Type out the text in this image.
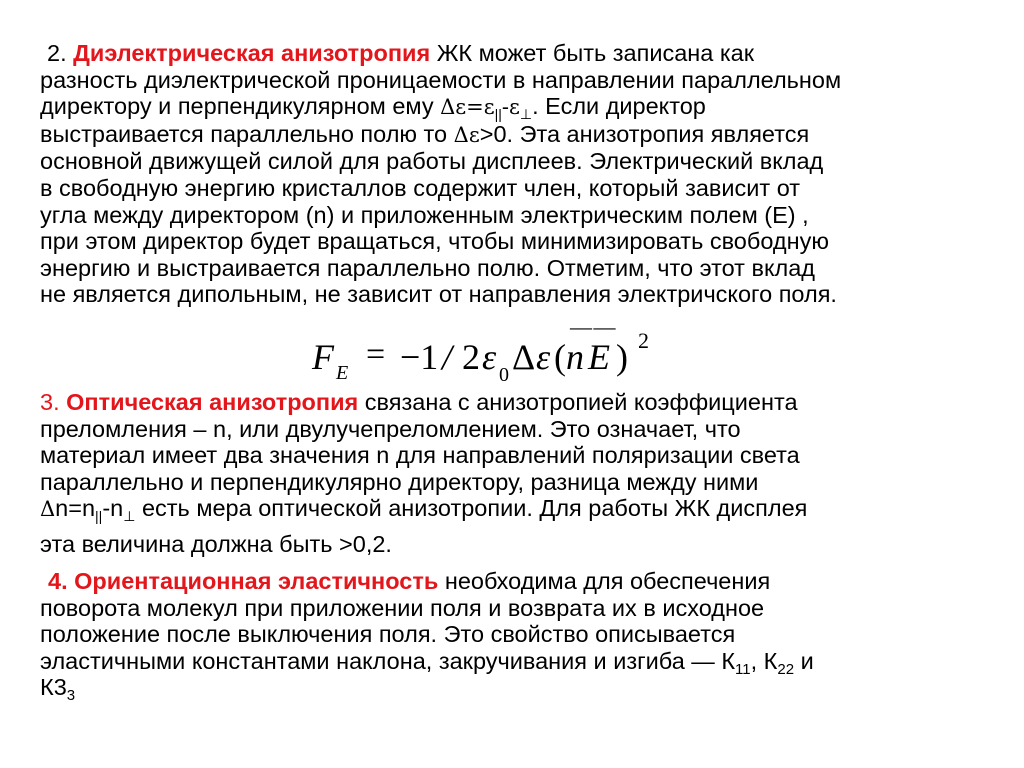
2. Диэлектрическая анизотропия ЖК может быть записана как
разность диэлектрической проницаемости в направлении параллельном
директору и перпендикулярном ему $\Delta\varepsilon=\varepsilon_{||}-\varepsilon_\perp$. Если директор
выстраивается параллельно полю то Δε>0. Эта анизотропия является
основной движущей силой для работы дисплеев. Электрический вклад
в свободную энергию кристаллов содержит член, который зависит от
угла между директором (n) и приложенным электрическим полем (E) ,
при этом директор будет вращаться, чтобы минимизировать свободную
энергию и выстраивается параллельно полю. Отметим, что этот вклад
не является дипольным, не зависит от направления электричского поля.

F E = −1 / 2 ε 0 Δ ε ( n E ) 2
— —

3. Оптическая анизотропия связана с анизотропией коэффициента
преломления – n, или двулучепреломлением. Это означает, что
материал имеет два значения n для направлений поляризации света
параллельно и перпендикулярно директору, разница между ними
$\Delta n=n_{||}-n_\perp$ есть мера оптической анизотропии. Для работы ЖК дисплея
эта величина должна быть >0,2.

4. Ориентационная эластичность необходима для обеспечения
поворота молекул при приложении поля и возврата их в исходное
положение после выключения поля. Это свойство описывается
эластичными константами наклона, закручивания и изгиба — $К_{11}$, $К_{22}$ и
$К3_3$
